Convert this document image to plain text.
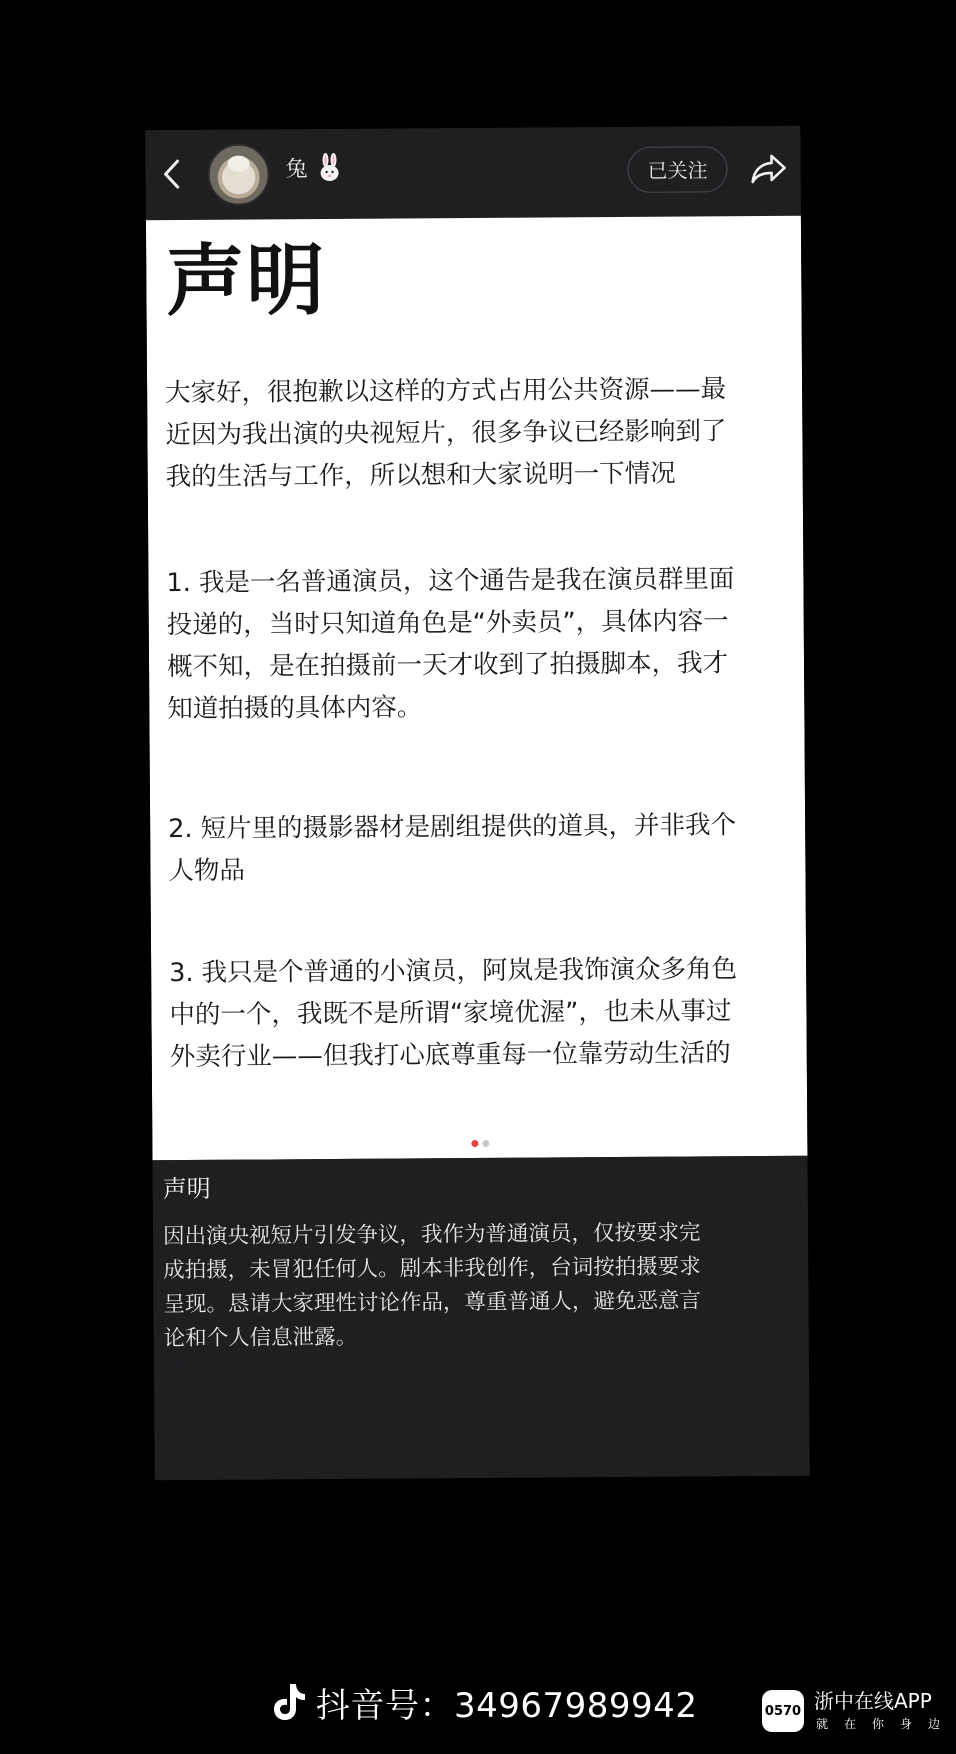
兔	已关注
声明
大家好，很抱歉以这样的方式占用公共资源——最
近因为我出演的央视短片，很多争议已经影响到了
我的生活与工作，所以想和大家说明一下情况
1. 我是一名普通演员，这个通告是我在演员群里面
投递的，当时只知道角色是“外卖员”，具体内容一
概不知，是在拍摄前一天才收到了拍摄脚本，我才
知道拍摄的具体内容。
2. 短片里的摄影器材是剧组提供的道具，并非我个
人物品
3. 我只是个普通的小演员，阿岚是我饰演众多角色
中的一个，我既不是所谓“家境优渥”，也未从事过
外卖行业——但我打心底尊重每一位靠劳动生活的
声明
因出演央视短片引发争议，我作为普通演员，仅按要求完
成拍摄，未冒犯任何人。剧本非我创作，台词按拍摄要求
呈现。恳请大家理性讨论作品，尊重普通人，避免恶意言
论和个人信息泄露。
抖音号：34967989942	0570 浙中在线APP
就在你身边
